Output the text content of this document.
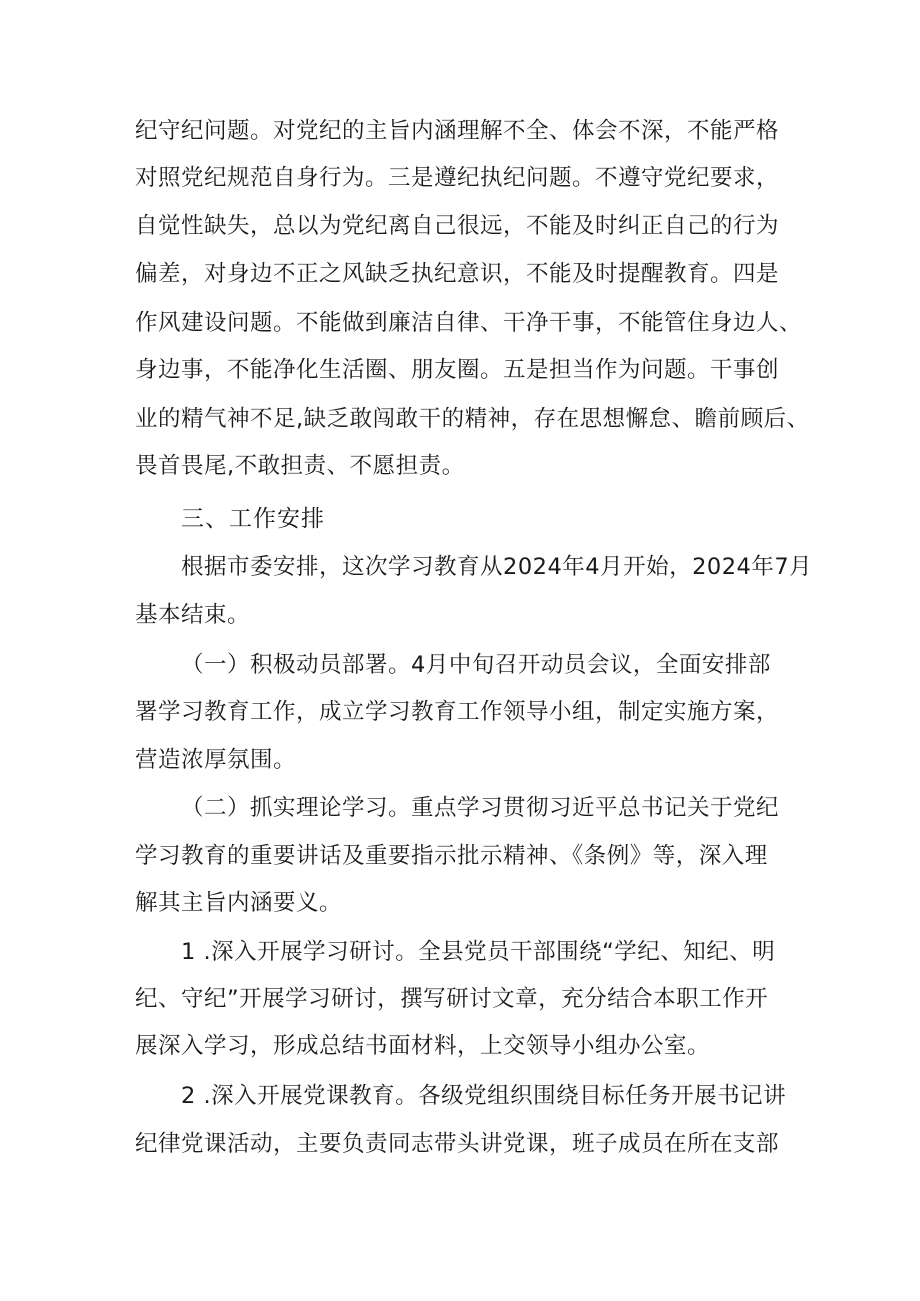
纪守纪问题。对党纪的主旨内涵理解不全、体会不深，不能严格
对照党纪规范自身行为。三是遵纪执纪问题。不遵守党纪要求，
自觉性缺失，总以为党纪离自己很远，不能及时纠正自己的行为
偏差，对身边不正之风缺乏执纪意识，不能及时提醒教育。四是
作风建设问题。不能做到廉洁自律、干净干事，不能管住身边人、
身边事，不能净化生活圈、朋友圈。五是担当作为问题。干事创
业的精气神不足,缺乏敢闯敢干的精神，存在思想懈怠、瞻前顾后、
畏首畏尾,不敢担责、不愿担责。
三、工作安排
根据市委安排，这次学习教育从2024年4月开始，2024年7月
基本结束。
（一）积极动员部署。4月中旬召开动员会议，全面安排部
署学习教育工作，成立学习教育工作领导小组，制定实施方案，
营造浓厚氛围。
（二）抓实理论学习。重点学习贯彻习近平总书记关于党纪
学习教育的重要讲话及重要指示批示精神、《条例》等，深入理
解其主旨内涵要义。
1 .深入开展学习研讨。全县党员干部围绕“学纪、知纪、明
纪、守纪”开展学习研讨，撰写研讨文章，充分结合本职工作开
展深入学习，形成总结书面材料，上交领导小组办公室。
2 .深入开展党课教育。各级党组织围绕目标任务开展书记讲
纪律党课活动，主要负责同志带头讲党课，班子成员在所在支部
